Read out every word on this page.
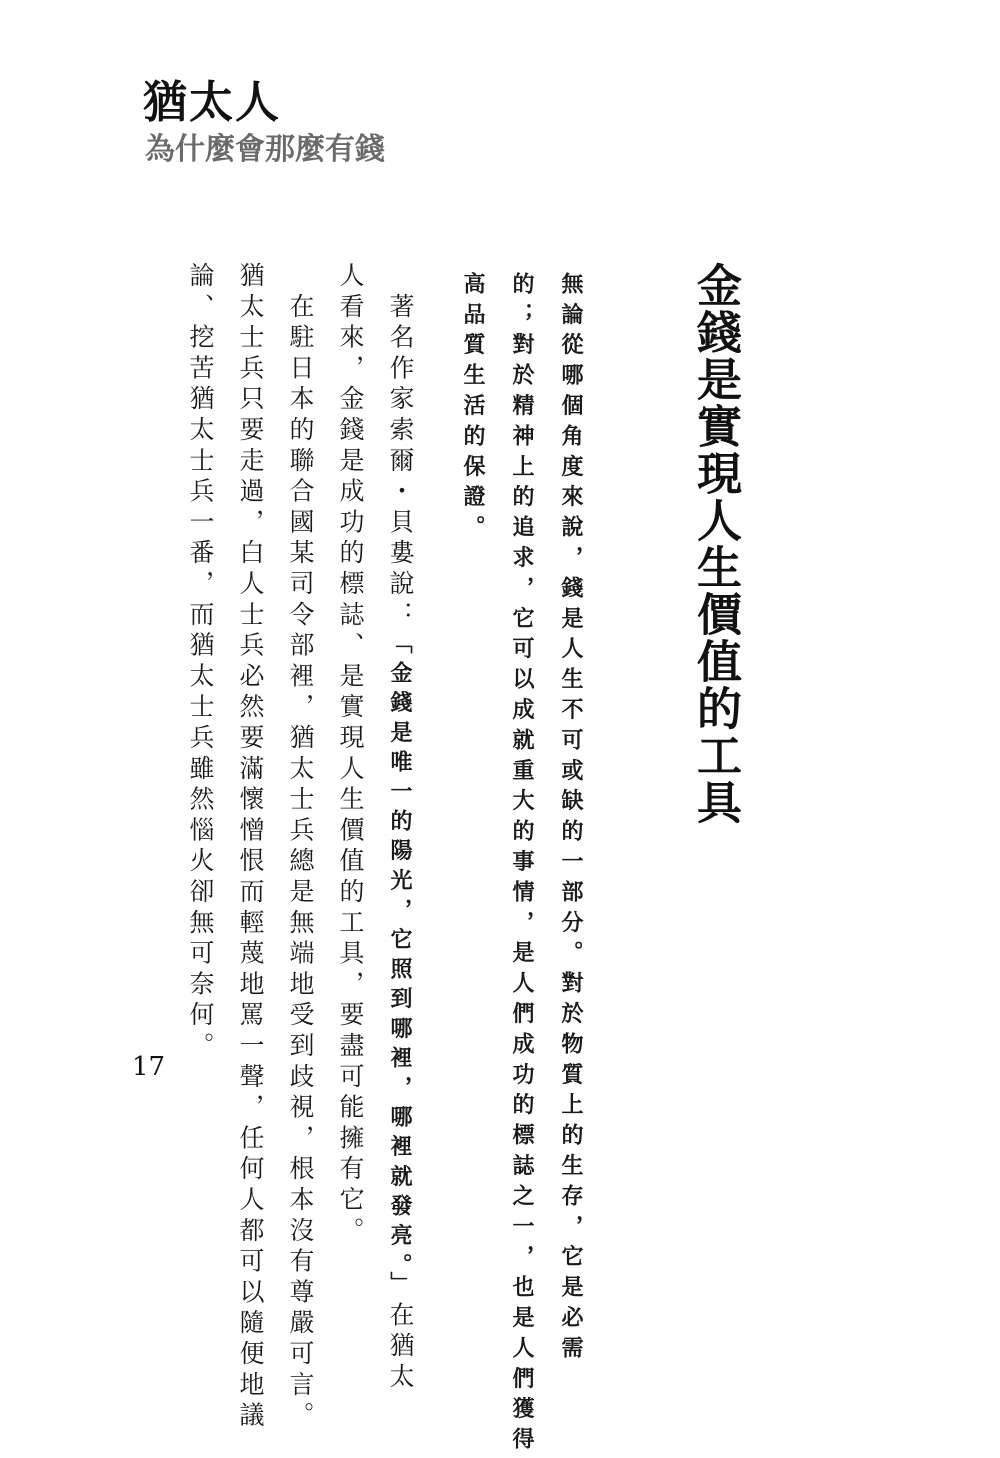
猶太人
為什麼會那麼有錢
金錢是實現人生價值的工具
無論從哪個角度來說，錢是人生不可或缺的一部分。對於物質上的生存，它是必需
的；對於精神上的追求，它可以成就重大的事情，是人們成功的標誌之一，也是人們獲得
高品質生活的保證。
　著名作家索爾・貝婁說：「金錢是唯一的陽光，它照到哪裡，哪裡就發亮。」在猶太
人看來，金錢是成功的標誌、是實現人生價值的工具，要盡可能擁有它。
　在駐日本的聯合國某司令部裡，猶太士兵總是無端地受到歧視，根本沒有尊嚴可言。
猶太士兵只要走過，白人士兵必然要滿懷憎恨而輕蔑地罵一聲，任何人都可以隨便地議
論、挖苦猶太士兵一番，而猶太士兵雖然惱火卻無可奈何。
17
